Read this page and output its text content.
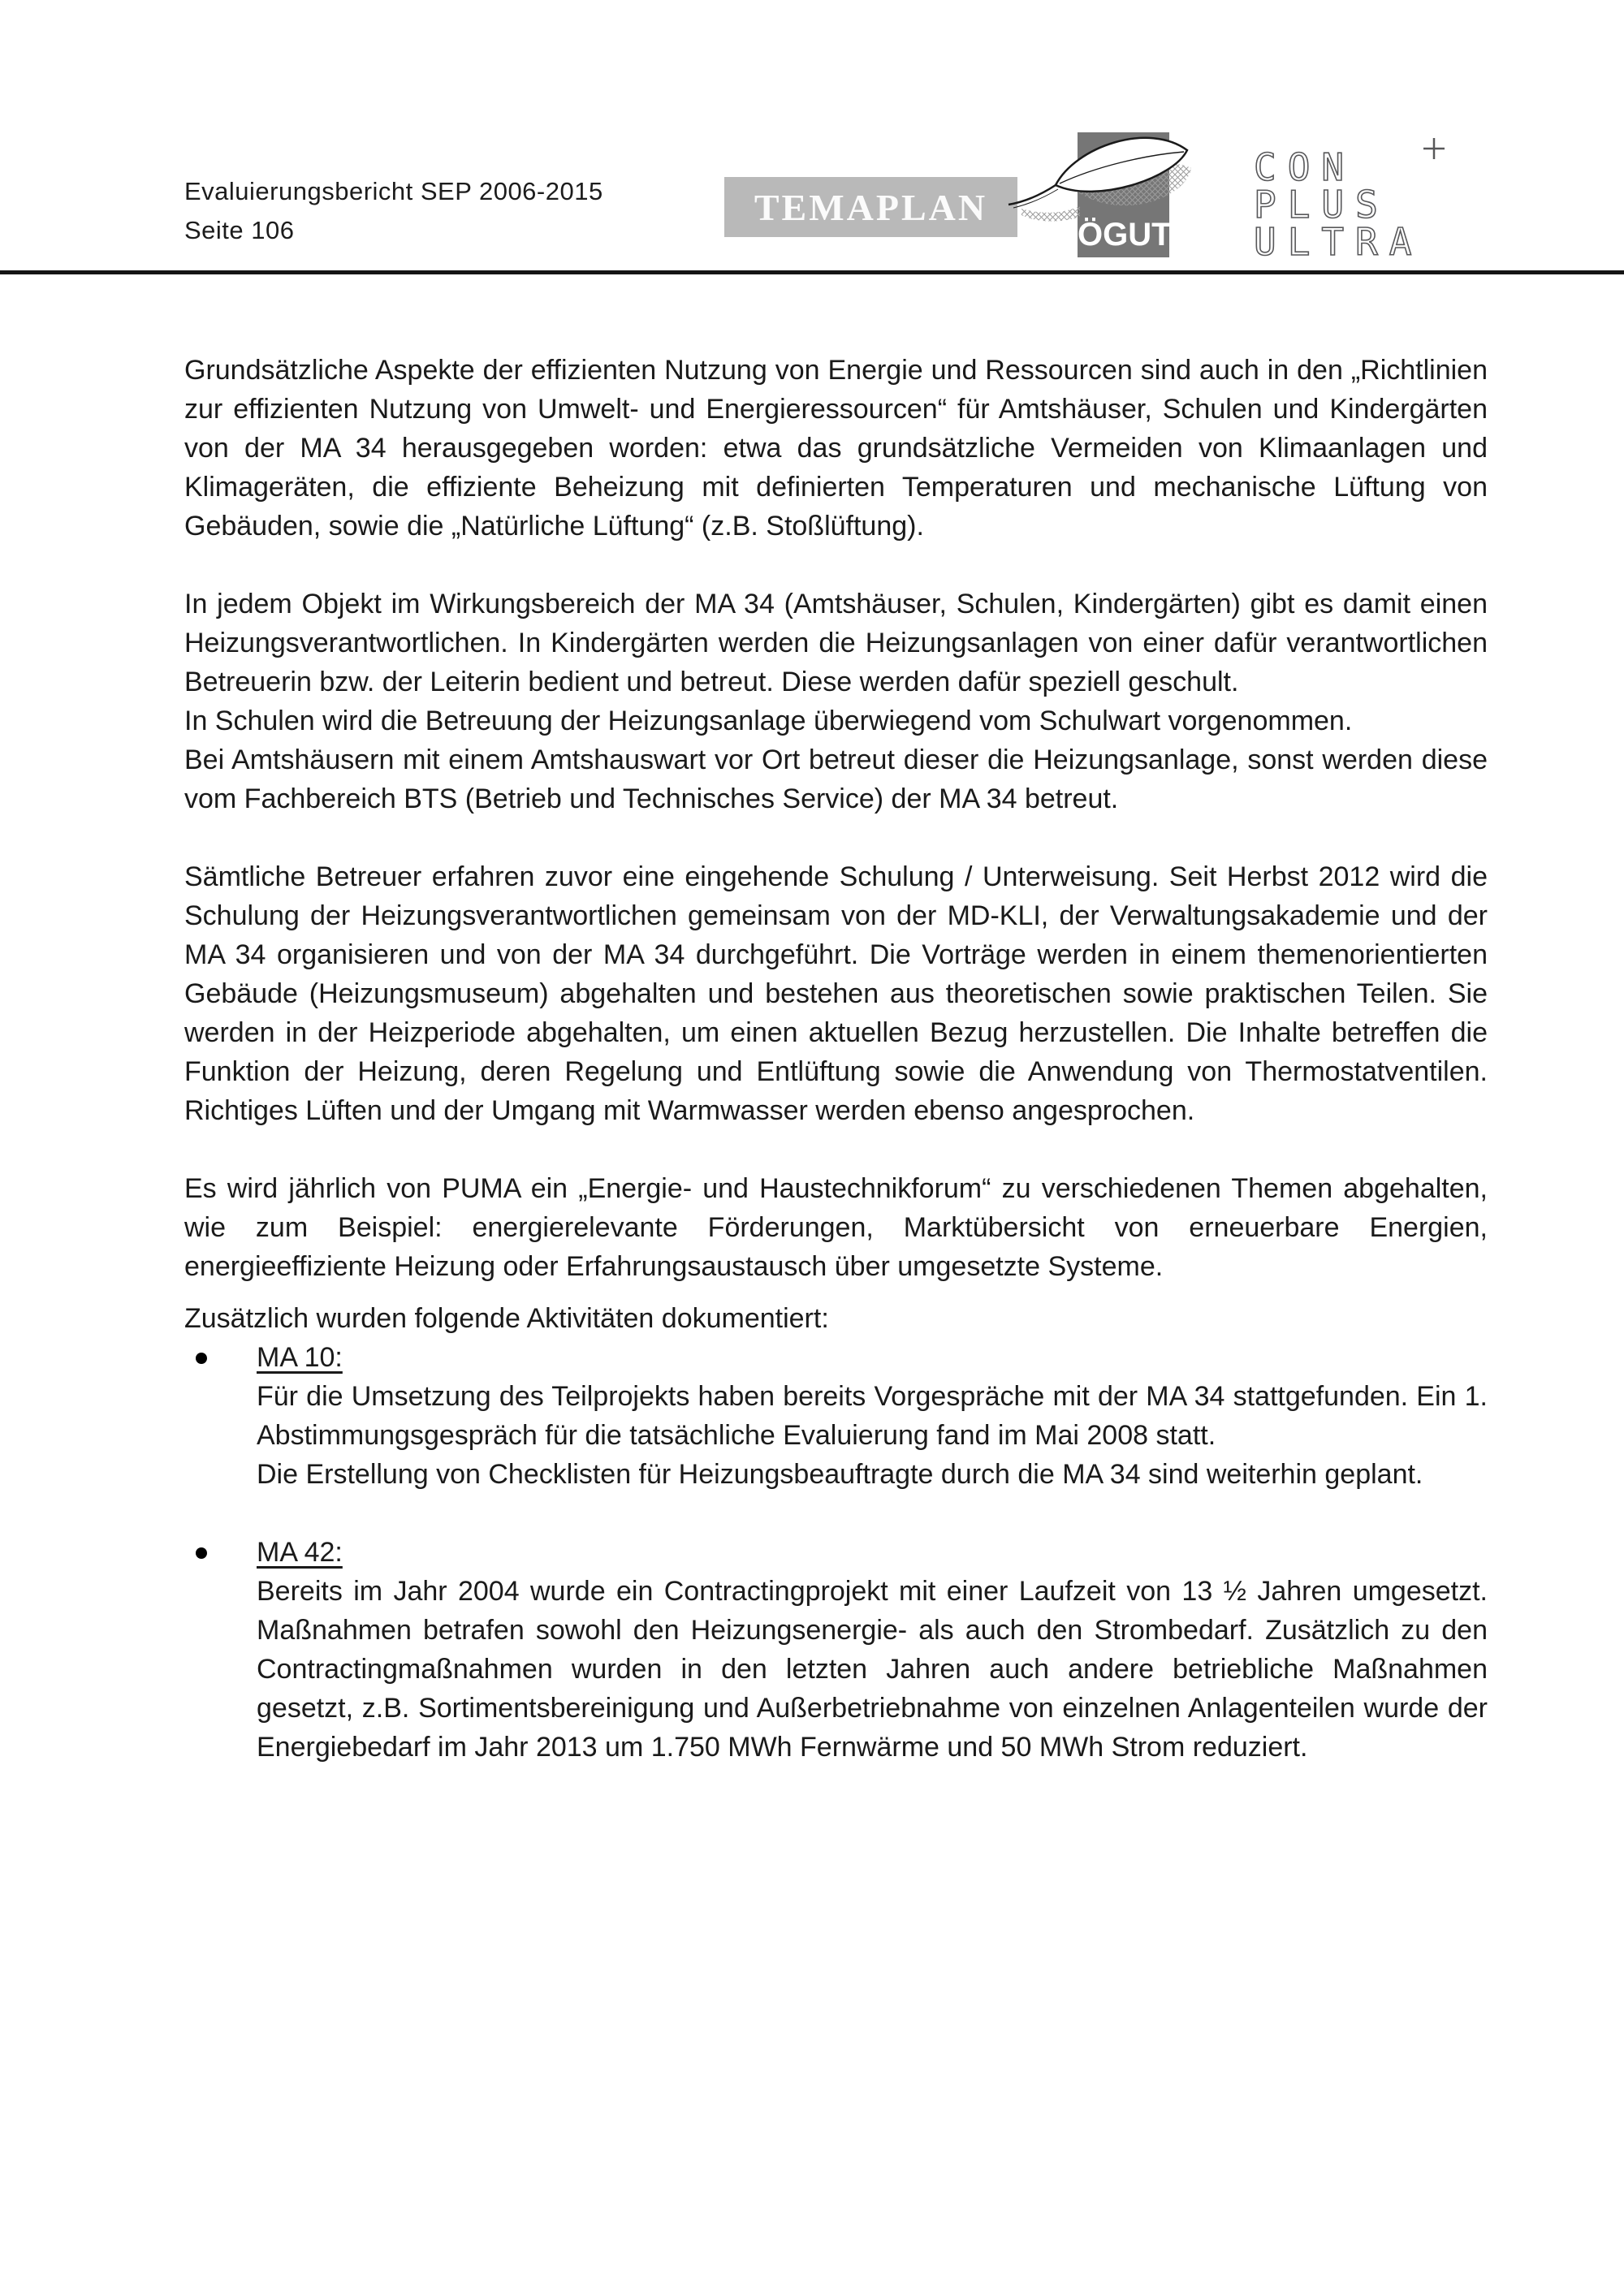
Evaluierungsbericht SEP 2006-2015
Seite 106
TEMAPLAN
ÖGUT
CON
PLUS
ULTRA

Grundsätzliche Aspekte der effizienten Nutzung von Energie und Ressourcen sind auch in den „Richtlinien zur effizienten Nutzung von Umwelt- und Energieressourcen“ für Amtshäuser, Schulen und Kindergärten von der MA 34 herausgegeben worden: etwa das grundsätzliche Vermeiden von Klimaanlagen und Klimageräten, die effiziente Beheizung mit definierten Temperaturen und mechanische Lüftung von Gebäuden, sowie die „Natürliche Lüftung“ (z.B. Stoßlüftung).

In jedem Objekt im Wirkungsbereich der MA 34 (Amtshäuser, Schulen, Kindergärten) gibt es damit einen Heizungsverantwortlichen. In Kindergärten werden die Heizungsanlagen von einer dafür verantwortlichen Betreuerin bzw. der Leiterin bedient und betreut. Diese werden dafür speziell geschult.

In Schulen wird die Betreuung der Heizungsanlage überwiegend vom Schulwart vorgenommen.

Bei Amtshäusern mit einem Amtshauswart vor Ort betreut dieser die Heizungsanlage, sonst werden diese vom Fachbereich BTS (Betrieb und Technisches Service) der MA 34 betreut.

Sämtliche Betreuer erfahren zuvor eine eingehende Schulung / Unterweisung. Seit Herbst 2012 wird die Schulung der Heizungsverantwortlichen gemeinsam von der MD-KLI, der Verwaltungsakademie und der MA 34 organisieren und von der MA 34 durchgeführt. Die Vorträge werden in einem themenorientierten Gebäude (Heizungsmuseum) abgehalten und bestehen aus theoretischen sowie praktischen Teilen. Sie werden in der Heizperiode abgehalten, um einen aktuellen Bezug herzustellen. Die Inhalte betreffen die Funktion der Heizung, deren Regelung und Entlüftung sowie die Anwendung von Thermostatventilen. Richtiges Lüften und der Umgang mit Warmwasser werden ebenso angesprochen.

Es wird jährlich von PUMA ein „Energie- und Haustechnikforum“ zu verschiedenen Themen abgehalten, wie zum Beispiel: energierelevante Förderungen, Marktübersicht von erneuerbare Energien, energieeffiziente Heizung oder Erfahrungsaustausch über umgesetzte Systeme.

Zusätzlich wurden folgende Aktivitäten dokumentiert:

MA 10:

Für die Umsetzung des Teilprojekts haben bereits Vorgespräche mit der MA 34 stattgefunden. Ein 1. Abstimmungsgespräch für die tatsächliche Evaluierung fand im Mai 2008 statt.

Die Erstellung von Checklisten für Heizungsbeauftragte durch die MA 34 sind weiterhin geplant.

MA 42:

Bereits im Jahr 2004 wurde ein Contractingprojekt mit einer Laufzeit von 13 ½ Jahren umgesetzt. Maßnahmen betrafen sowohl den Heizungsenergie- als auch den Strombedarf. Zusätzlich zu den Contractingmaßnahmen wurden in den letzten Jahren auch andere betriebliche Maßnahmen gesetzt, z.B. Sortimentsbereinigung und Außerbetriebnahme von einzelnen Anlagenteilen wurde der Energiebedarf im Jahr 2013 um 1.750 MWh Fernwärme und 50 MWh Strom reduziert.
